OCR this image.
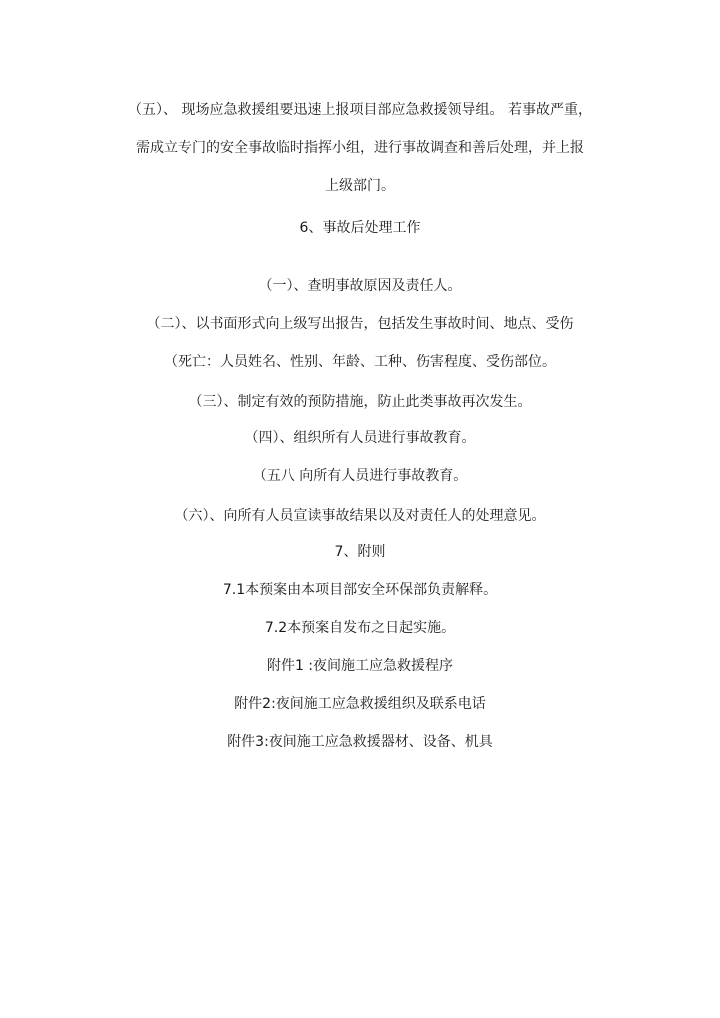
（五）、 现场应急救援组要迅速上报项目部应急救援领导组。 若事故严重，
需成立专门的安全事故临时指挥小组，进行事故调查和善后处理，并上报
上级部门。
6、事故后处理工作
（一）、查明事故原因及责任人。
（二）、以书面形式向上级写出报告，包括发生事故时间、地点、受伤
（死亡：人员姓名、性别、年龄、工种、伤害程度、受伤部位。
（三）、制定有效的预防措施，防止此类事故再次发生。
（四）、组织所有人员进行事故教育。
（五八 向所有人员进行事故教育。
（六）、向所有人员宣读事故结果以及对责任人的处理意见。
7、附则
7.1本预案由本项目部安全环保部负责解释。
7.2本预案自发布之日起实施。
附件1 :夜间施工应急救援程序
附件2:夜间施工应急救援组织及联系电话
附件3:夜间施工应急救援器材、设备、机具
